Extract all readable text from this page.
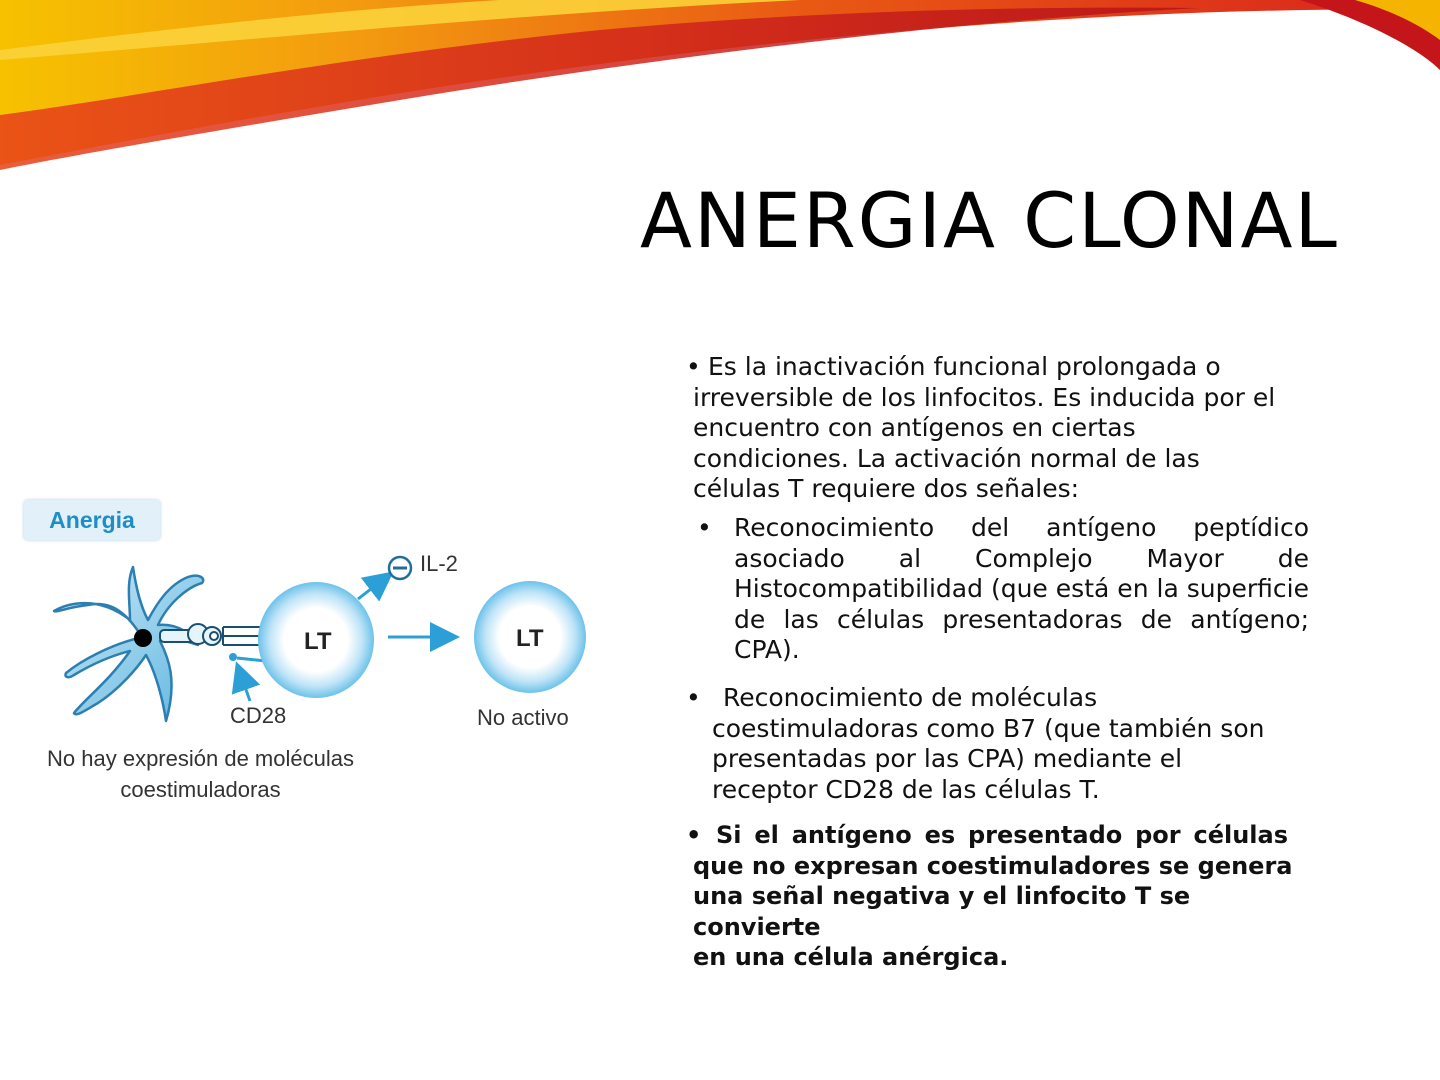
ANERGIA CLONAL
Anergia
LT	LT
IL-2
CD28	No activo
No hay expresión de moléculas
coestimuladoras
• Es la inactivación funcional prolongada o
irreversible de los linfocitos. Es inducida por el
encuentro con antígenos en ciertas
condiciones. La activación normal de las
células T requiere dos señales:
• Reconocimiento del antígeno peptídico asociado al Complejo Mayor de Histocompatibilidad (que está en la superficie de las células presentadoras de antígeno; CPA).
• Reconocimiento de moléculas
coestimuladoras como B7 (que también son
presentadas por las CPA) mediante el
receptor CD28 de las células T.
• Si el antígeno es presentado por células
que no expresan coestimuladores se genera
una señal negativa y el linfocito T se convierte
en una célula anérgica.
